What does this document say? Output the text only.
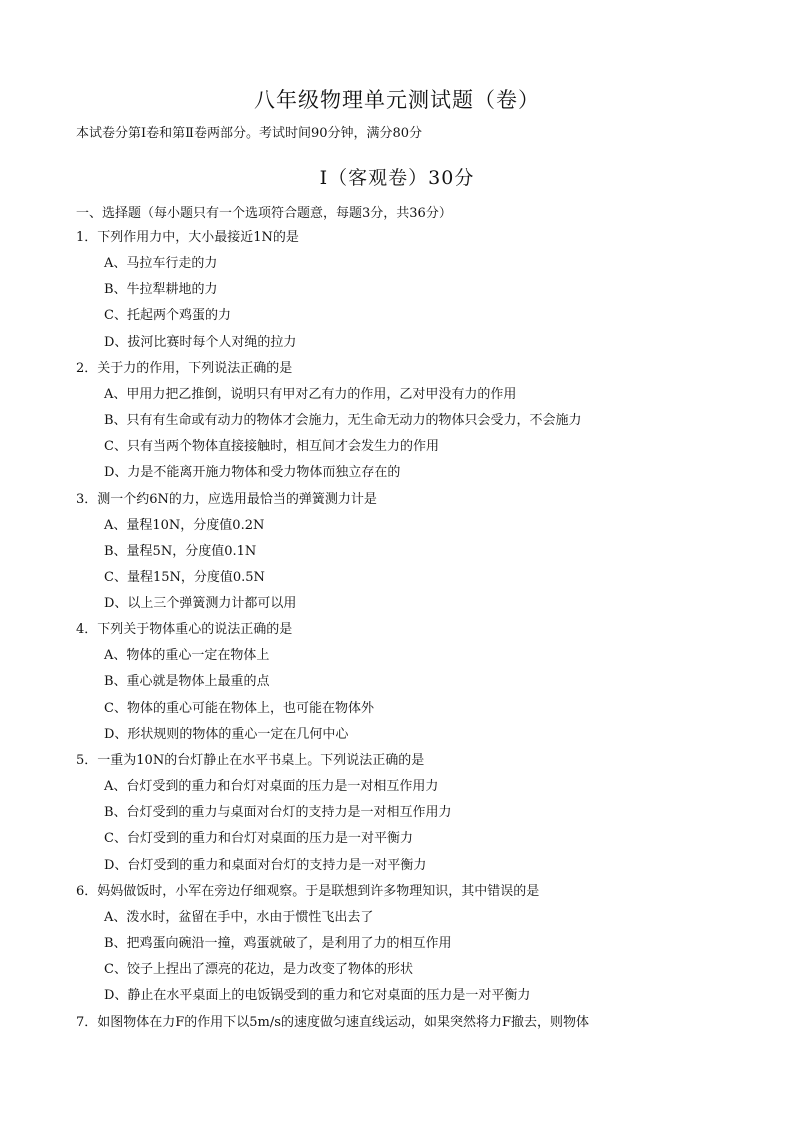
八年级物理单元测试题（卷）
本试卷分第Ⅰ卷和第Ⅱ卷两部分。考试时间90分钟，满分80分
Ⅰ（客观卷）30分
一、选择题（每小题只有一个选项符合题意，每题3分，共36分）
1．下列作用力中，大小最接近1N的是
A、马拉车行走的力
B、牛拉犁耕地的力
C、托起两个鸡蛋的力
D、拔河比赛时每个人对绳的拉力
2．关于力的作用，下列说法正确的是
A、甲用力把乙推倒，说明只有甲对乙有力的作用，乙对甲没有力的作用
B、只有有生命或有动力的物体才会施力，无生命无动力的物体只会受力，不会施力
C、只有当两个物体直接接触时，相互间才会发生力的作用
D、力是不能离开施力物体和受力物体而独立存在的
3．测一个约6N的力，应选用最恰当的弹簧测力计是
A、量程10N，分度值0.2N
B、量程5N，分度值0.1N
C、量程15N，分度值0.5N
D、以上三个弹簧测力计都可以用
4．下列关于物体重心的说法正确的是
A、物体的重心一定在物体上
B、重心就是物体上最重的点
C、物体的重心可能在物体上，也可能在物体外
D、形状规则的物体的重心一定在几何中心
5．一重为10N的台灯静止在水平书桌上。下列说法正确的是
A、台灯受到的重力和台灯对桌面的压力是一对相互作用力
B、台灯受到的重力与桌面对台灯的支持力是一对相互作用力
C、台灯受到的重力和台灯对桌面的压力是一对平衡力
D、台灯受到的重力和桌面对台灯的支持力是一对平衡力
6．妈妈做饭时，小军在旁边仔细观察。于是联想到许多物理知识，其中错误的是
A、泼水时，盆留在手中，水由于惯性飞出去了
B、把鸡蛋向碗沿一撞，鸡蛋就破了，是利用了力的相互作用
C、饺子上捏出了漂亮的花边，是力改变了物体的形状
D、静止在水平桌面上的电饭锅受到的重力和它对桌面的压力是一对平衡力
7．如图物体在力F的作用下以5m/s的速度做匀速直线运动，如果突然将力F撤去，则物体
